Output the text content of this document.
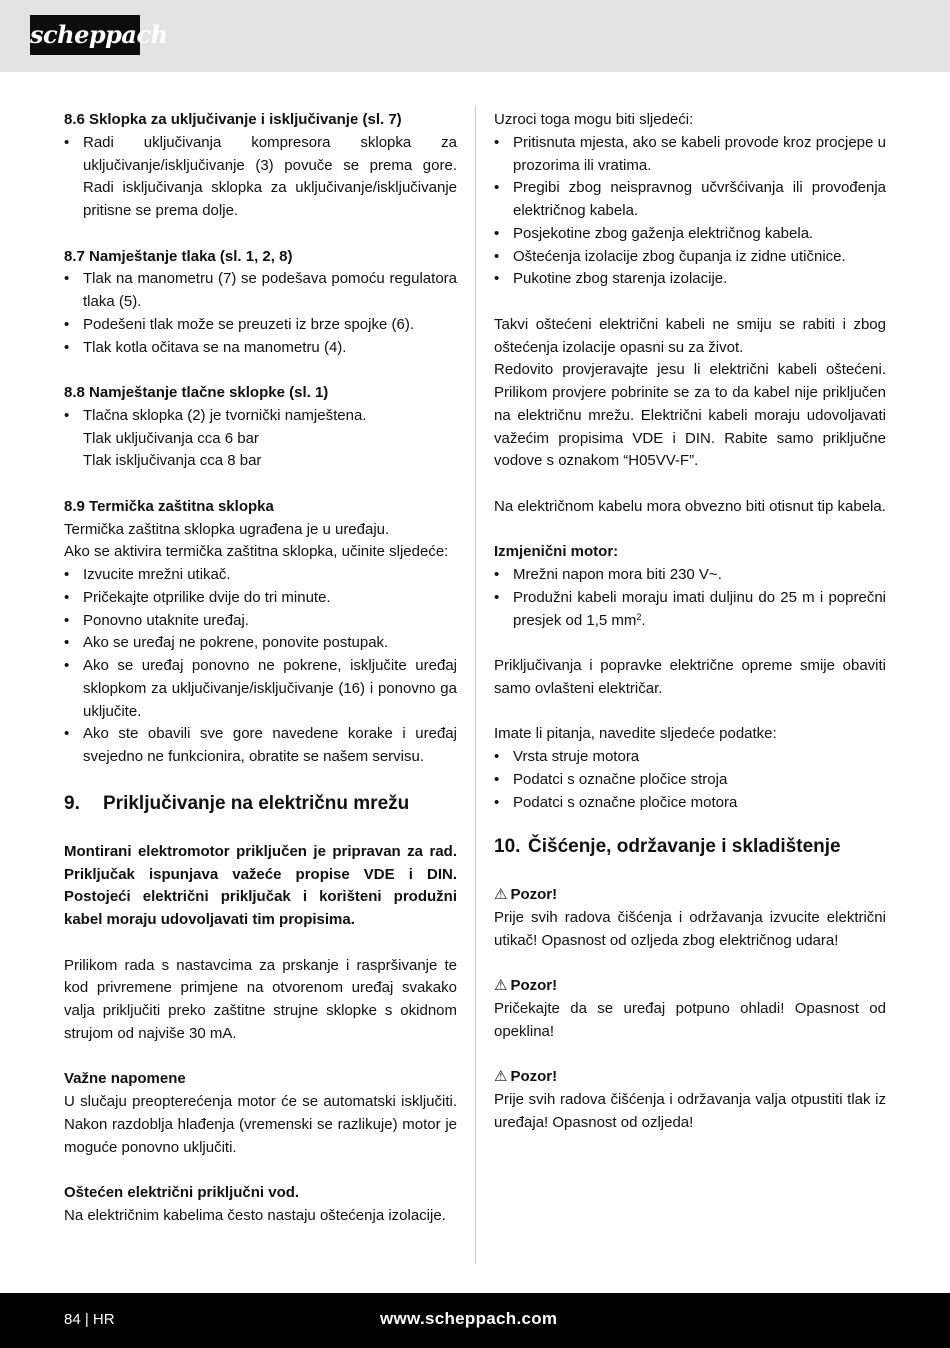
scheppach

8.6 Sklopka za uključivanje i isključivanje (sl. 7)

• Radi uključivanja kompresora sklopka za uključivanje/isključivanje (3) povuče se prema gore. Radi isključivanja sklopka za uključivanje/isključivanje pritisne se prema dolje.

8.7 Namještanje tlaka (sl. 1, 2, 8)

• Tlak na manometru (7) se podešava pomoću regulatora tlaka (5).
• Podešeni tlak može se preuzeti iz brze spojke (6).
• Tlak kotla očitava se na manometru (4).

8.8 Namještanje tlačne sklopke (sl. 1)

• Tlačna sklopka (2) je tvornički namještena.

Tlak uključivanja cca 6 bar

Tlak isključivanja cca 8 bar

8.9 Termička zaštitna sklopka

Termička zaštitna sklopka ugrađena je u uređaju.

Ako se aktivira termička zaštitna sklopka, učinite sljedeće:

• Izvucite mrežni utikač.
• Pričekajte otprilike dvije do tri minute.
• Ponovno utaknite uređaj.
• Ako se uređaj ne pokrene, ponovite postupak.
• Ako se uređaj ponovno ne pokrene, isključite uređaj sklopkom za uključivanje/isključivanje (16) i ponovno ga uključite.
• Ako ste obavili sve gore navedene korake i uređaj svejedno ne funkcionira, obratite se našem servisu.

9. Priključivanje na električnu mrežu

Montirani elektromotor priključen je pripravan za rad. Priključak ispunjava važeće propise VDE i DIN. Postojeći električni priključak i korišteni produžni kabel moraju udovoljavati tim propisima.

Prilikom rada s nastavcima za prskanje i raspršivanje te kod privremene primjene na otvorenom uređaj svakako valja priključiti preko zaštitne strujne sklopke s okidnom strujom od najviše 30 mA.

Važne napomene

U slučaju preopterećenja motor će se automatski isključiti. Nakon razdoblja hlađenja (vremenski se razlikuje) motor je moguće ponovno uključiti.

Oštećen električni priključni vod.

Na električnim kabelima često nastaju oštećenja izolacije.

Uzroci toga mogu biti sljedeći:

• Pritisnuta mjesta, ako se kabeli provode kroz procjepe u prozorima ili vratima.
• Pregibi zbog neispravnog učvršćivanja ili provođenja električnog kabela.
• Posjekotine zbog gaženja električnog kabela.
• Oštećenja izolacije zbog čupanja iz zidne utičnice.
• Pukotine zbog starenja izolacije.

Takvi oštećeni električni kabeli ne smiju se rabiti i zbog oštećenja izolacije opasni su za život.

Redovito provjeravajte jesu li električni kabeli oštećeni. Prilikom provjere pobrinite se za to da kabel nije priključen na električnu mrežu. Električni kabeli moraju udovoljavati važećim propisima VDE i DIN. Rabite samo priključne vodove s oznakom “H05VV-F”.

Na električnom kabelu mora obvezno biti otisnut tip kabela.

Izmjenični motor:

• Mrežni napon mora biti 230 V~.
• Produžni kabeli moraju imati duljinu do 25 m i poprečni presjek od 1,5 $mm^2$.

Priključivanja i popravke električne opreme smije obaviti samo ovlašteni električar.

Imate li pitanja, navedite sljedeće podatke:

• Vrsta struje motora
• Podatci s označne pločice stroja
• Podatci s označne pločice motora

10. Čišćenje, održavanje i skladištenje

⚠ Pozor!

Prije svih radova čišćenja i održavanja izvucite električni utikač! Opasnost od ozljeda zbog električnog udara!

⚠ Pozor!

Pričekajte da se uređaj potpuno ohladi! Opasnost od opeklina!

⚠ Pozor!

Prije svih radova čišćenja i održavanja valja otpustiti tlak iz uređaja! Opasnost od ozljeda!

84 | HR	www.scheppach.com
